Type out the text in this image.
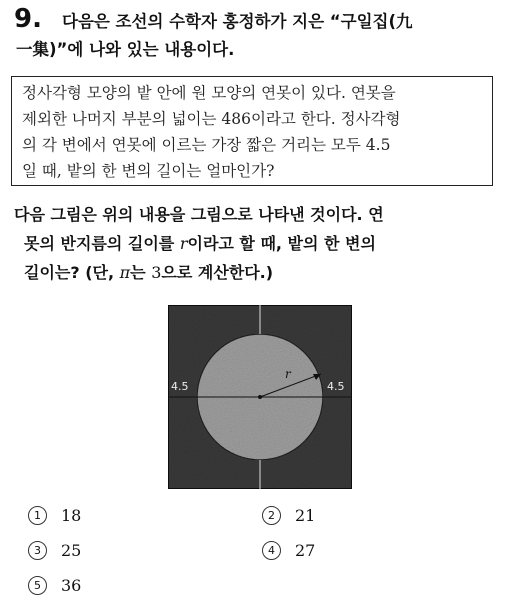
9. 다음은 조선의 수학자 홍정하가 지은 “구일집(九
一集)”에 나와 있는 내용이다.
정사각형 모양의 밭 안에 원 모양의 연못이 있다. 연못을
제외한 나머지 부분의 넓이는 486이라고 한다. 정사각형
의 각 변에서 연못에 이르는 가장 짧은 거리는 모두 4.5
일 때, 밭의 한 변의 길이는 얼마인가?
다음 그림은 위의 내용을 그림으로 나타낸 것이다. 연
못의 반지름의 길이를 r이라고 할 때, 밭의 한 변의
길이는? (단, π는 3으로 계산한다.)
4.5	4.5
r
1	18	2	21
3	25	4	27
5	36
